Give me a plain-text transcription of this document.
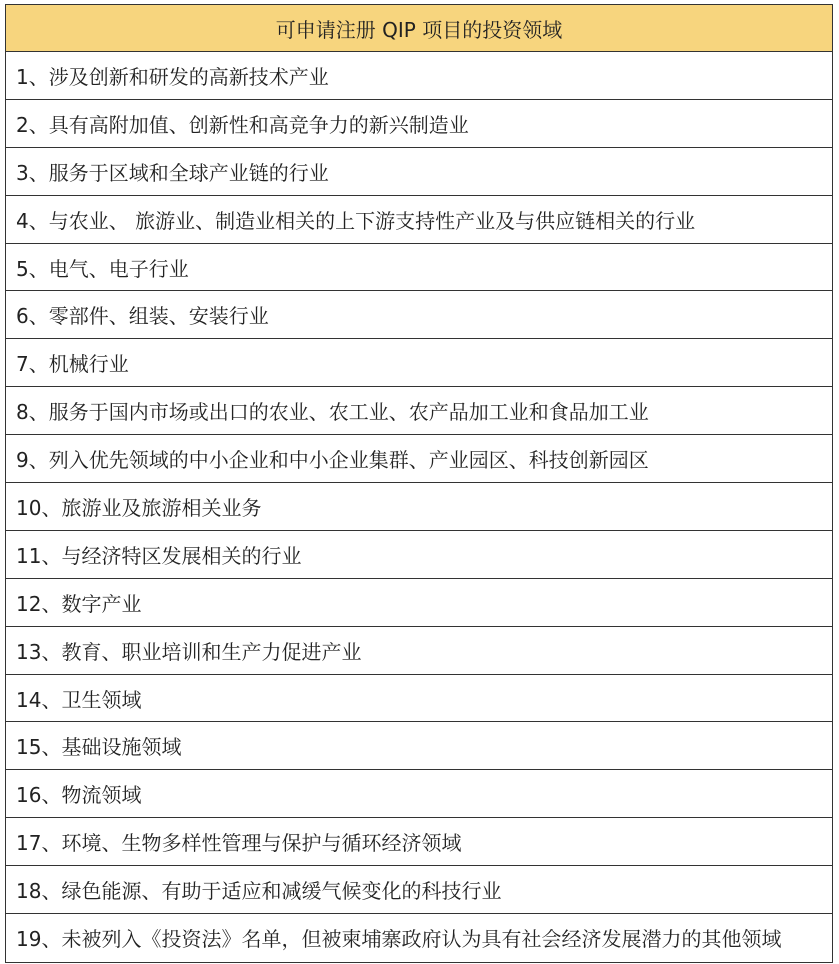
可申请注册 QIP 项目的投资领域
1、涉及创新和研发的高新技术产业
2、具有高附加值、创新性和高竞争力的新兴制造业
3、服务于区域和全球产业链的行业
4、与农业、 旅游业、制造业相关的上下游支持性产业及与供应链相关的行业
5、电气、电子行业
6、零部件、组装、安装行业
7、机械行业
8、服务于国内市场或出口的农业、农工业、农产品加工业和食品加工业
9、列入优先领域的中小企业和中小企业集群、产业园区、科技创新园区
10、旅游业及旅游相关业务
11、与经济特区发展相关的行业
12、数字产业
13、教育、职业培训和生产力促进产业
14、卫生领域
15、基础设施领域
16、物流领域
17、环境、生物多样性管理与保护与循环经济领域
18、绿色能源、有助于适应和减缓气候变化的科技行业
19、未被列入《投资法》名单，但被柬埔寨政府认为具有社会经济发展潜力的其他领域
